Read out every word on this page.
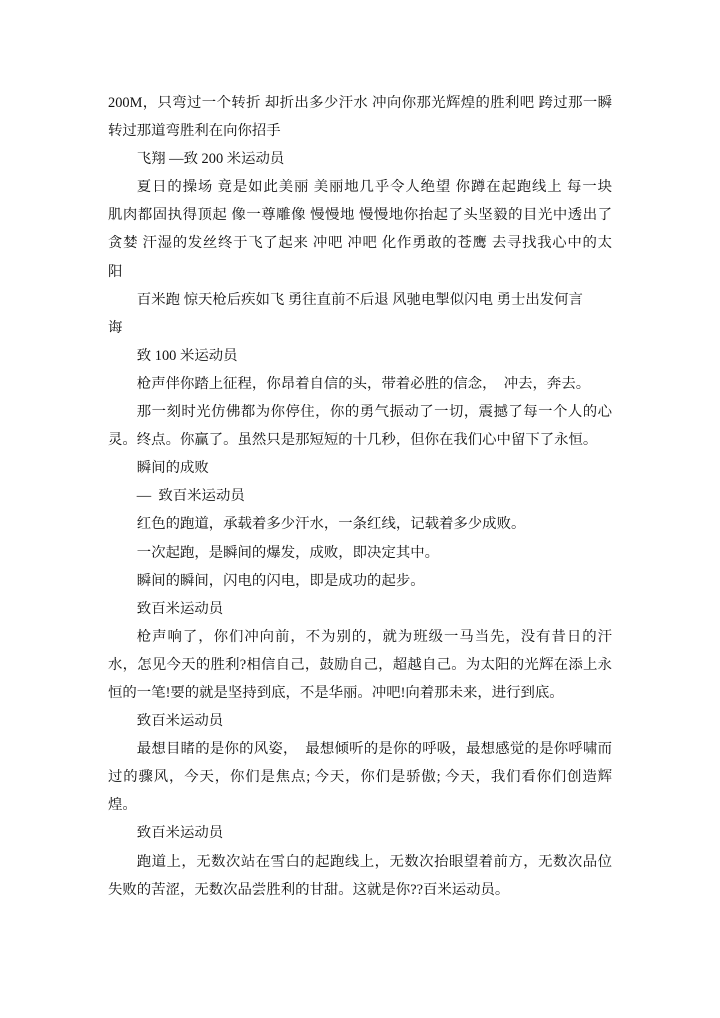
200M，只弯过一个转折 却折出多少汗水 冲向你那光辉煌的胜利吧 跨过那一瞬
转过那道弯胜利在向你招手
飞翔 —致 200 米运动员
夏日的操场 竟是如此美丽 美丽地几乎令人绝望 你蹲在起跑线上 每一块
肌肉都固执得顶起 像一尊雕像 慢慢地 慢慢地你抬起了头坚毅的目光中透出了
贪婪 汗湿的发丝终于飞了起来 冲吧 冲吧 化作勇敢的苍鹰 去寻找我心中的太
阳
百米跑 惊天枪后疾如飞 勇往直前不后退 风驰电掣似闪电 勇士出发何言
诲
致 100 米运动员
枪声伴你踏上征程，你昂着自信的头，带着必胜的信念，  冲去，奔去。
那一刻时光仿佛都为你停住，你的勇气振动了一切，震撼了每一个人的心
灵。终点。你赢了。虽然只是那短短的十几秒，但你在我们心中留下了永恒。
瞬间的成败
—  致百米运动员
红色的跑道，承载着多少汗水，一条红线，记载着多少成败。
一次起跑，是瞬间的爆发，成败，即决定其中。
瞬间的瞬间，闪电的闪电，即是成功的起步。
致百米运动员
枪声响了，你们冲向前，不为别的，就为班级一马当先，没有昔日的汗
水，怎见今天的胜利?相信自己，鼓励自己，超越自己。为太阳的光辉在添上永
恒的一笔!要的就是坚持到底，不是华丽。冲吧!向着那未来，进行到底。
致百米运动员
最想目睹的是你的风姿，  最想倾听的是你的呼吸，最想感觉的是你呼啸而
过的骤风，今天，你们是焦点; 今天，你们是骄傲; 今天，我们看你们创造辉
煌。
致百米运动员
跑道上，无数次站在雪白的起跑线上，无数次抬眼望着前方，无数次品位
失败的苦涩，无数次品尝胜利的甘甜。这就是你??百米运动员。
